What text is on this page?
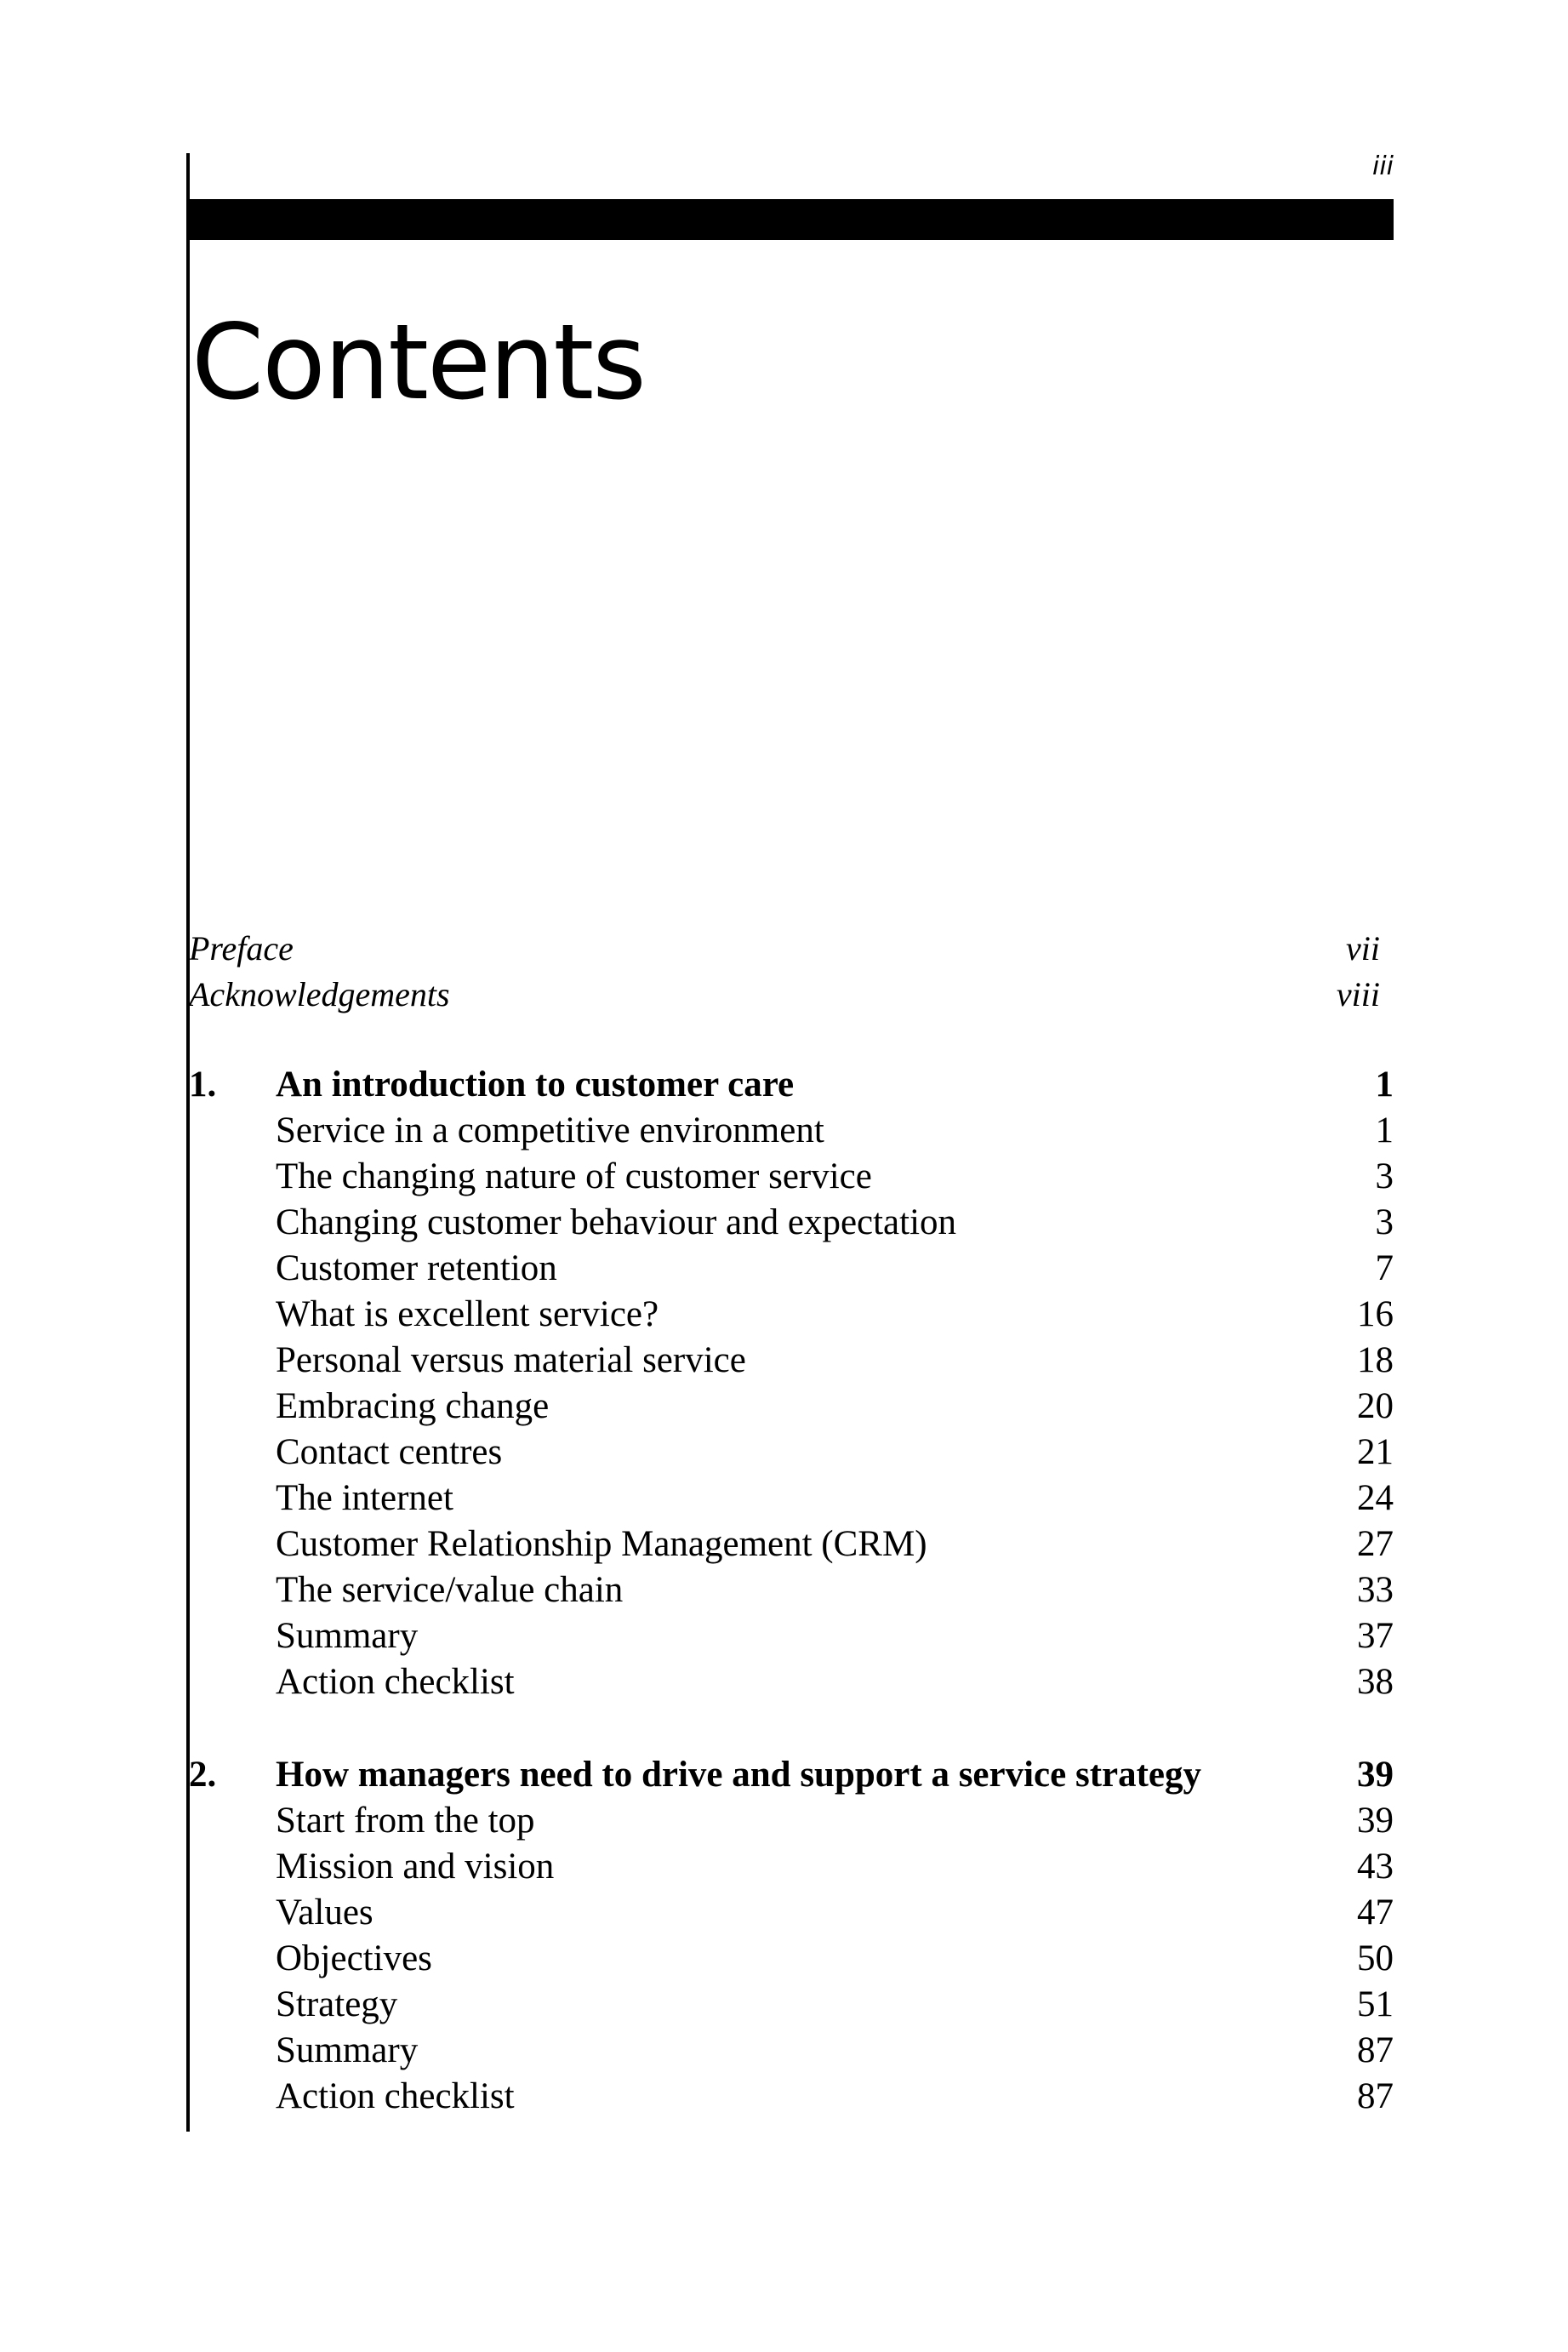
iii
Contents
Preface	vii
Acknowledgements	viii
1. An introduction to customer care	1
Service in a competitive environment	1
The changing nature of customer service	3
Changing customer behaviour and expectation	3
Customer retention	7
What is excellent service?	16
Personal versus material service	18
Embracing change	20
Contact centres	21
The internet	24
Customer Relationship Management (CRM)	27
The service/value chain	33
Summary	37
Action checklist	38
2. How managers need to drive and support a service strategy	39
Start from the top	39
Mission and vision	43
Values	47
Objectives	50
Strategy	51
Summary	87
Action checklist	87
